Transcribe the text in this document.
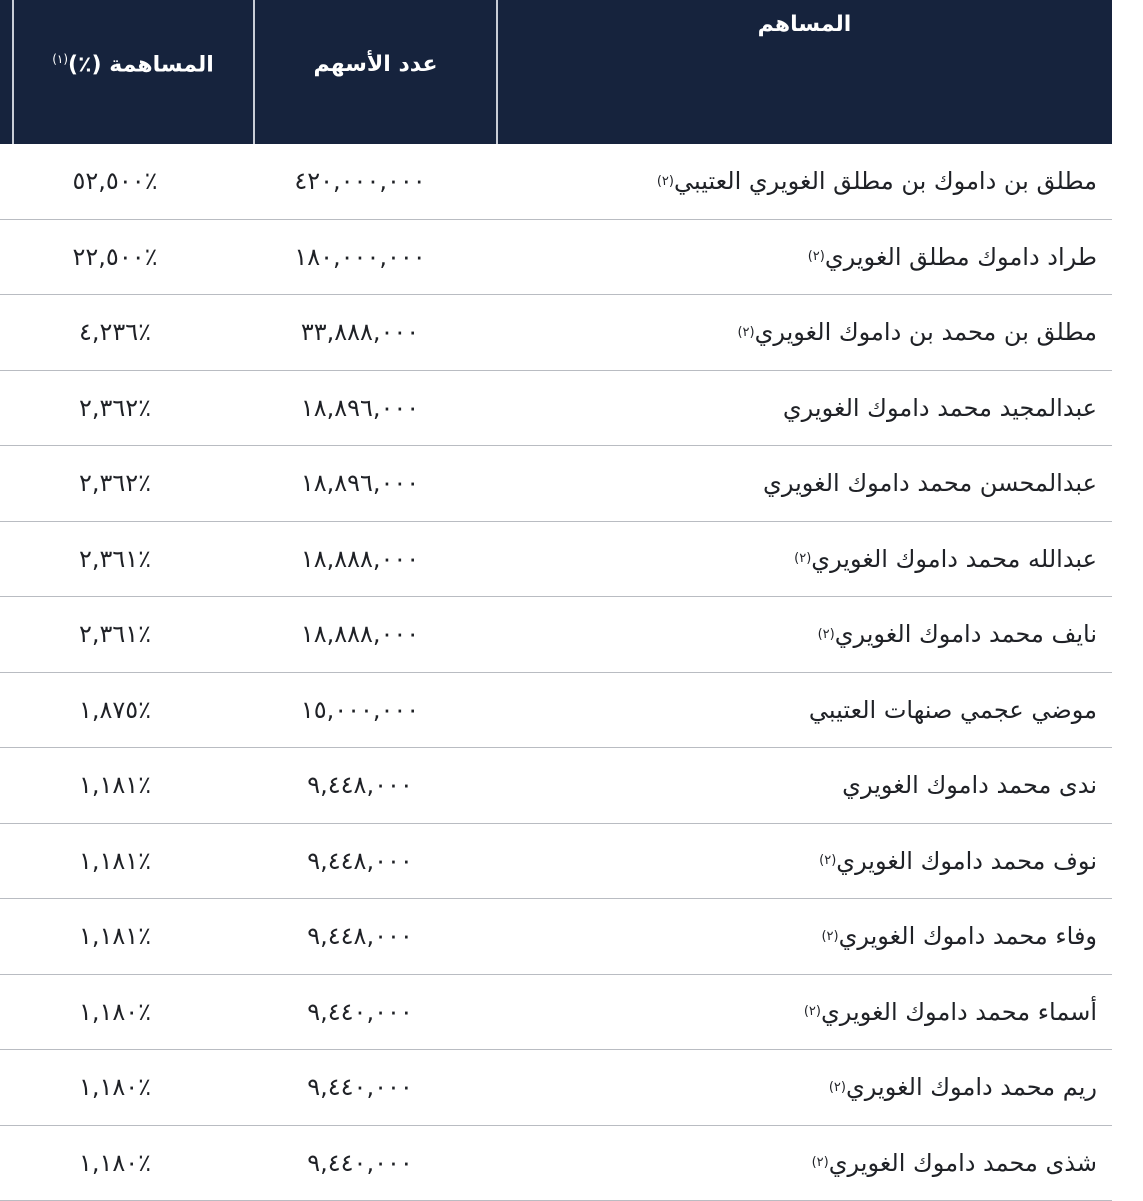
المساهم
عدد الأسهم
المساهمة (٪)$^{(١)}$
مطلق بن داموك بن مطلق الغويري العتيبي
(٢)
٤٢٠,٠٠٠,٠٠٠
٪٥٢,٥٠٠
طراد داموك مطلق الغويري
(٢)
١٨٠,٠٠٠,٠٠٠
٪٢٢,٥٠٠
مطلق بن محمد بن داموك الغويري
(٢)
٣٣,٨٨٨,٠٠٠
٪٤,٢٣٦
عبدالمجيد محمد داموك الغويري
١٨,٨٩٦,٠٠٠
٪٢,٣٦٢
عبدالمحسن محمد داموك الغويري
١٨,٨٩٦,٠٠٠
٪٢,٣٦٢
عبدالله محمد داموك الغويري
(٢)
١٨,٨٨٨,٠٠٠
٪٢,٣٦١
نايف محمد داموك الغويري
(٢)
١٨,٨٨٨,٠٠٠
٪٢,٣٦١
موضي عجمي صنهات العتيبي
١٥,٠٠٠,٠٠٠
٪١,٨٧٥
ندى محمد داموك الغويري
٩,٤٤٨,٠٠٠
٪١,١٨١
نوف محمد داموك الغويري
(٢)
٩,٤٤٨,٠٠٠
٪١,١٨١
وفاء محمد داموك الغويري
(٢)
٩,٤٤٨,٠٠٠
٪١,١٨١
أسماء محمد داموك الغويري
(٢)
٩,٤٤٠,٠٠٠
٪١,١٨٠
ريم محمد داموك الغويري
(٢)
٩,٤٤٠,٠٠٠
٪١,١٨٠
شذى محمد داموك الغويري
(٢)
٩,٤٤٠,٠٠٠
٪١,١٨٠
